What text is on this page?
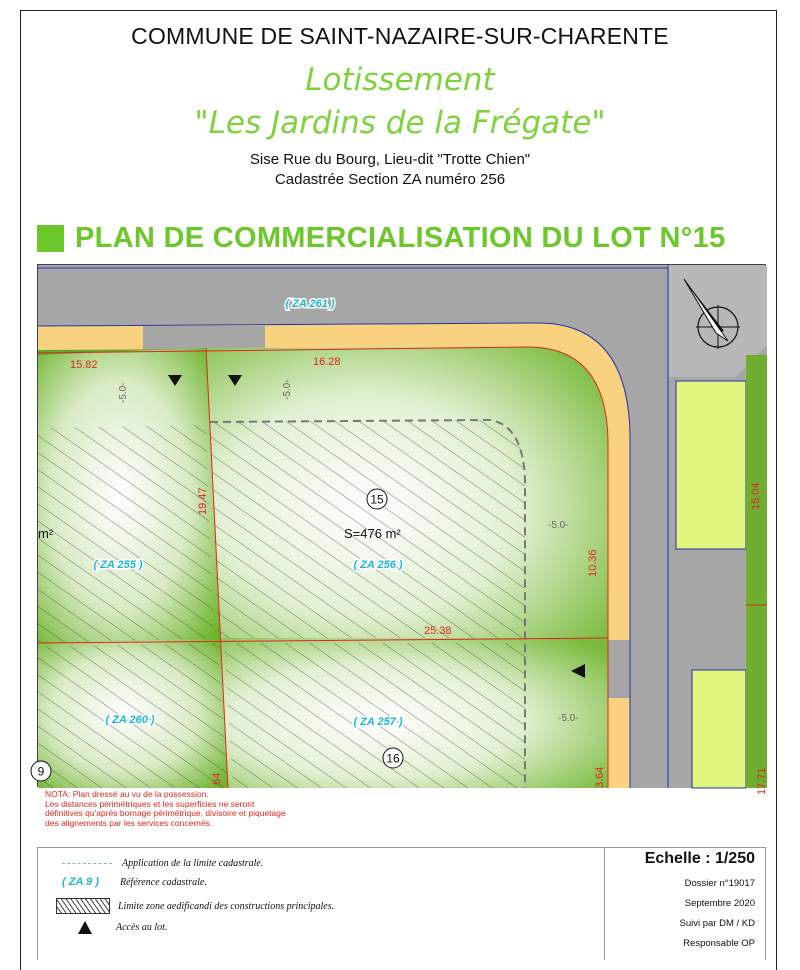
COMMUNE DE SAINT-NAZAIRE-SUR-CHARENTE
Lotissement
"Les Jardins de la Frégate"
Sise Rue du Bourg, Lieu-dit "Trotte Chien"
Cadastrée Section ZA numéro 256
PLAN DE COMMERCIALISATION DU LOT N°15
( ZA 261 )
( ZA 255 )	( ZA 256 )
( ZA 260 )	( ZA 257 )
15.82	16.28
19.47
10.36
25.38
15.04
3.64
64	17.71
-5.0-	-5.0-
-5.0-
-5.0-
S=476 m²
m²
15
16
9
NOTA: Plan dressé au vu de la possession.
Les distances périmétriques et les superficies ne seront
définitives qu'après bornage périmétrique, divisoire et piquetage
des alignements par les services concernés.
Application de la limite cadastrale.
( ZA 9 )	Référence cadastrale.
Limite zone aedificandi des constructions principales.
Accès au lot.
Echelle : 1/250
Dossier n°19017
Septembre 2020
Suivi par DM / KD
Responsable OP
